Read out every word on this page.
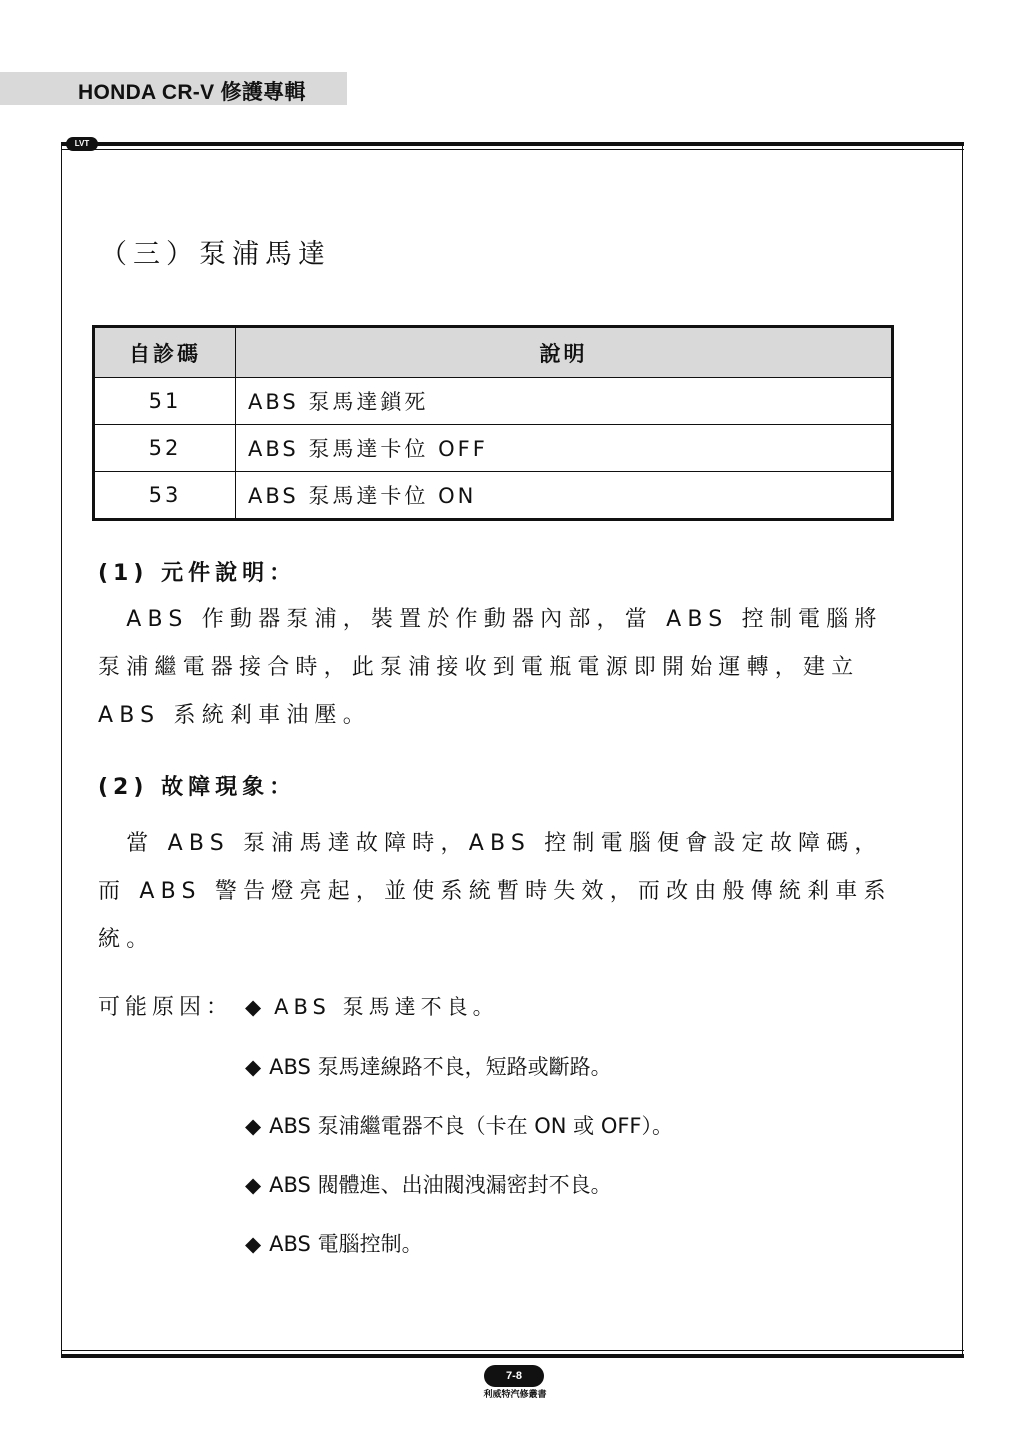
HONDA CR-V 修護專輯
LVT
（三）泵浦馬達
自診碼	說明
51	ABS 泵馬達鎖死
52	ABS 泵馬達卡位 OFF
53	ABS 泵馬達卡位 ON
(1) 元件說明：
　ABS 作動器泵浦，裝置於作動器內部，當 ABS 控制電腦將
泵浦繼電器接合時，此泵浦接收到電瓶電源即開始運轉，建立
ABS 系統剎車油壓。
(2) 故障現象：
　當 ABS 泵浦馬達故障時，ABS 控制電腦便會設定故障碼，
而 ABS 警告燈亮起，並使系統暫時失效，而改由般傳統剎車系
統。
可能原因： ◆ ABS 泵馬達不良。
◆ ABS 泵馬達線路不良，短路或斷路。
◆ ABS 泵浦繼電器不良（卡在 ON 或 OFF）。
◆ ABS 閥體進、出油閥洩漏密封不良。
◆ ABS 電腦控制。
7-8
利威特汽修叢書
